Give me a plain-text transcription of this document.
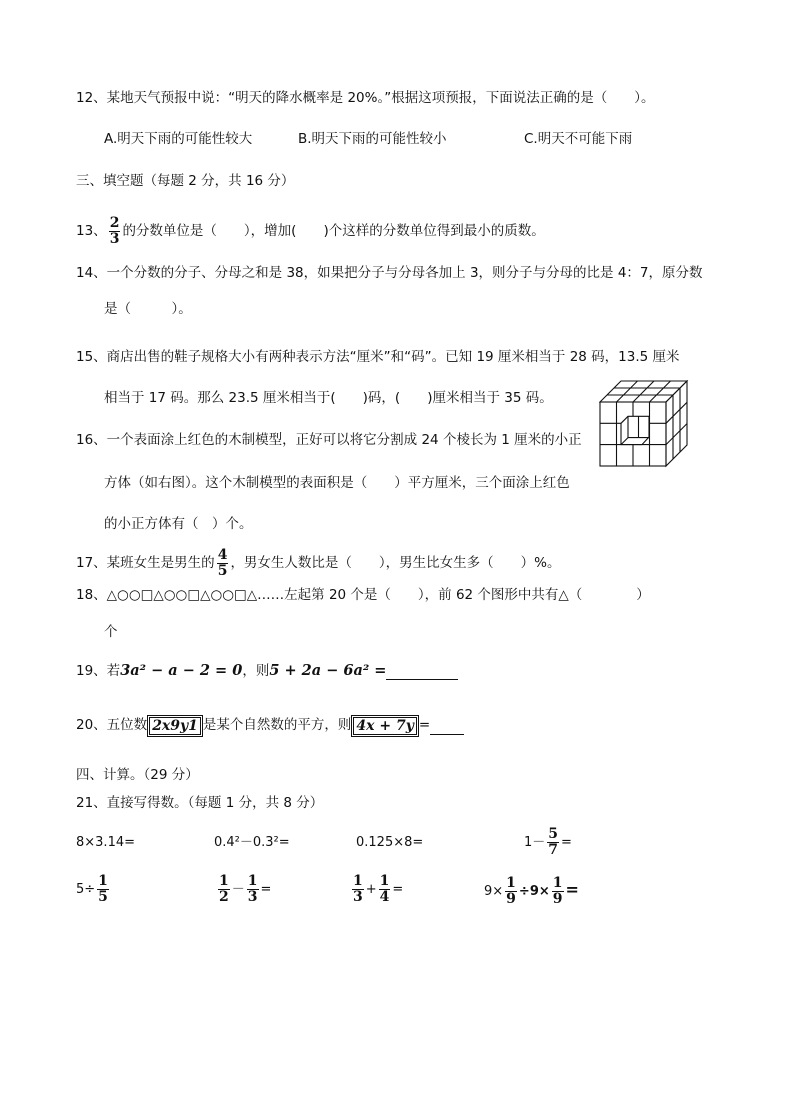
12、某地天气预报中说：“明天的降水概率是 20%。”根据这项预报，下面说法正确的是（　　）。
A.明天下雨的可能性较大	B.明天下雨的可能性较小	C.明天不可能下雨
三、填空题（每题 2 分，共 16 分）
13、 $\frac{2}{3}$ 的分数单位是（　　），增加(　　)个这样的分数单位得到最小的质数。
14、一个分数的分子、分母之和是 38，如果把分子与分母各加上 3，则分子与分母的比是 4：7，原分数
是（　　　）。
15、商店出售的鞋子规格大小有两种表示方法“厘米”和“码”。已知 19 厘米相当于 28 码，13.5 厘米
相当于 17 码。那么 23.5 厘米相当于(　　)码，(　　)厘米相当于 35 码。
16、一个表面涂上红色的木制模型，正好可以将它分割成 24 个棱长为 1 厘米的小正
方体（如右图）。这个木制模型的表面积是（　　）平方厘米，三个面涂上红色
的小正方体有（　）个。
17、某班女生是男生的 $\frac{4}{5}$ ，男女生人数比是（　　），男生比女生多（　　）%。
18、△○○□△○○□△○○□△……左起第 20 个是（　　），前 62 个图形中共有△（　　　　）
个
19、若3a² − a − 2 = 0，则5 + 2a − 6a² =
20、五位数 2x9y1 是某个自然数的平方，则 4x + 7y =
四、计算。（29 分）
21、直接写得数。（每题 1 分，共 8 分）
8×3.14=	0.4²－0.3²=	0.125×8=	$1- \frac{5}{7}$ =
$5\div \frac{1}{5}$	$\frac{1}{2} - \frac{1}{3}$ =	$\frac{1}{3} + \frac{1}{4}$ =	$9\times \frac{1}{9} \div 9\times \frac{1}{9}$ =
